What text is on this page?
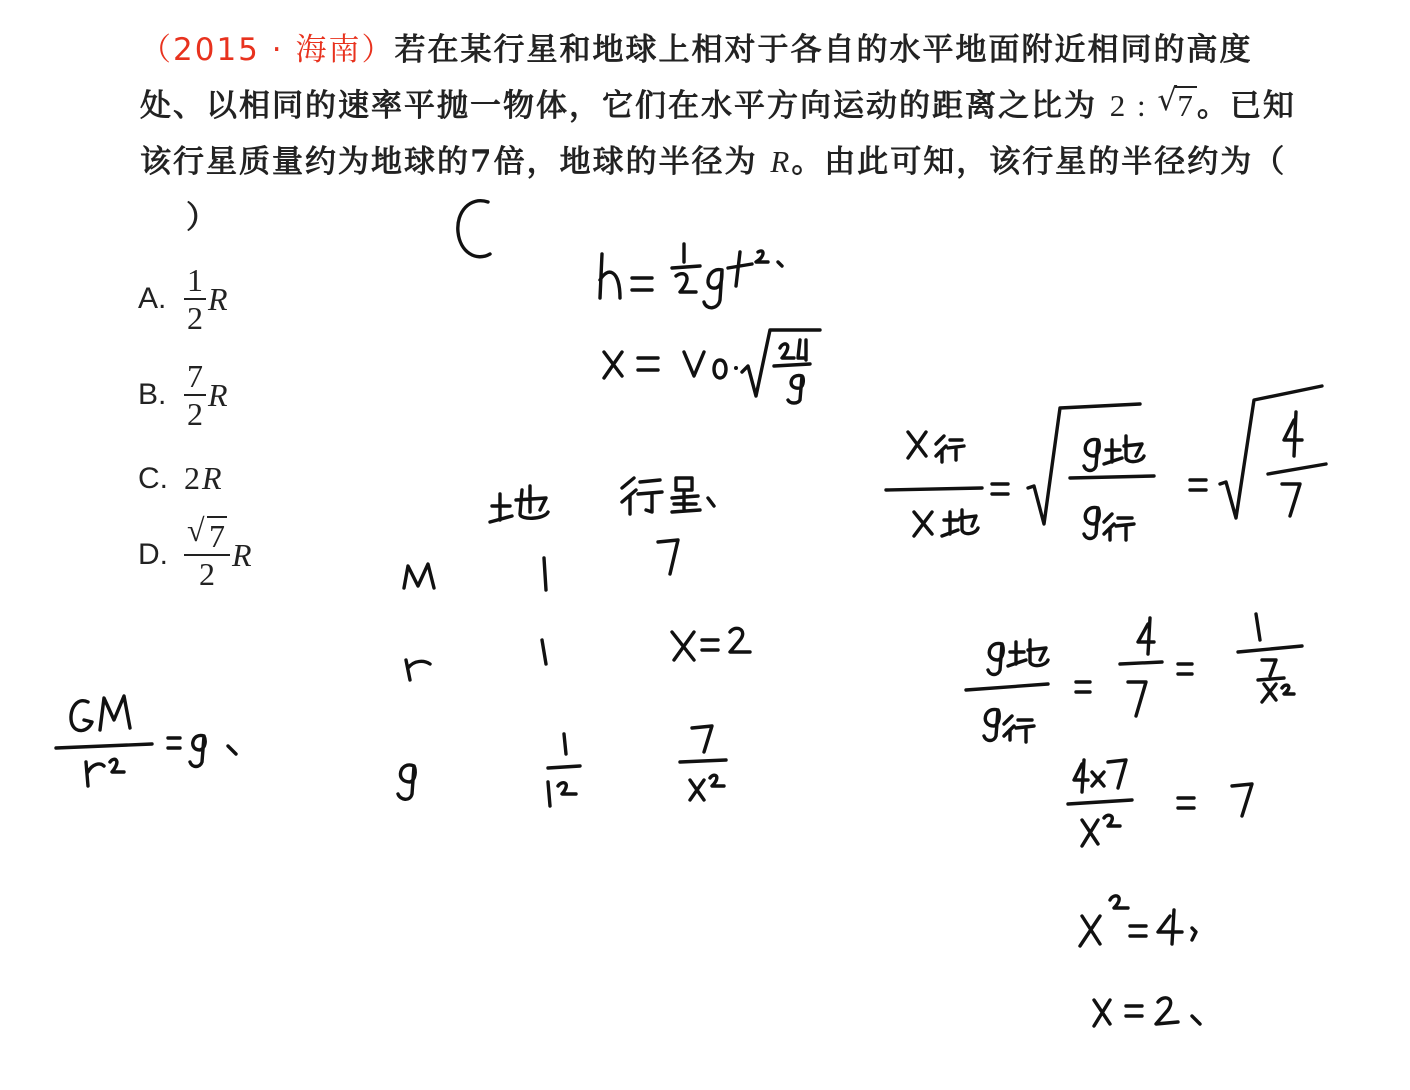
（2015 · 海南）若在某行星和地球上相对于各自的水平地面附近相同的高度处、以相同的速率平抛一物体，它们在水平方向运动的距离之比为 2 : √
7。已知该行星质量约为地球的7倍，地球的半径为 R。由此可知，该行星的半径约为（ ）
A. $\frac{1}{2}$ R
B. $\frac{7}{2}$ R
C. 2 R
D. $\frac{√ 7}{2}$ R
